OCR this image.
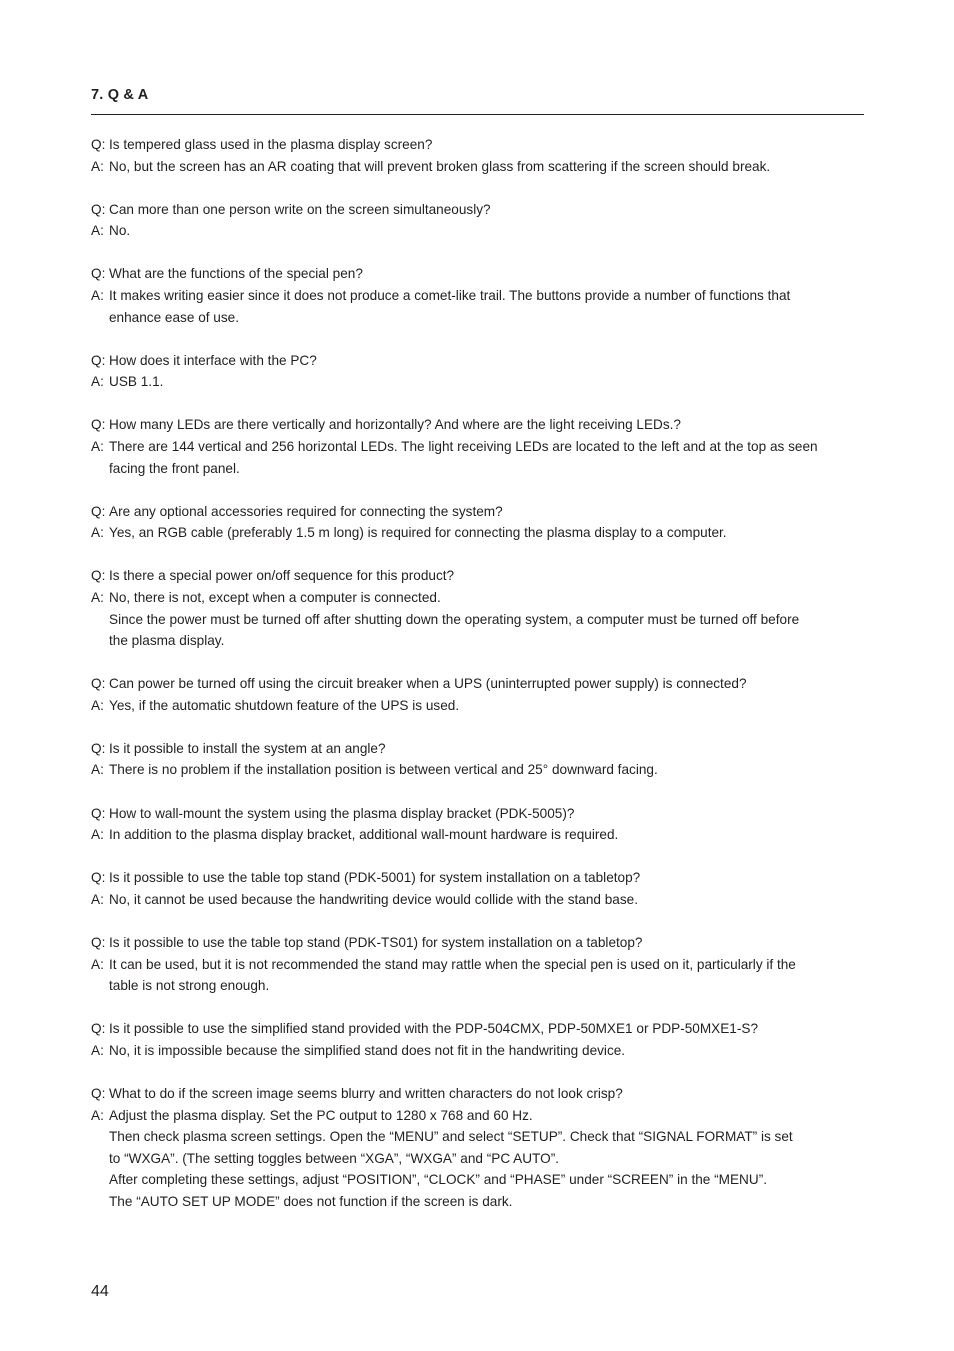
7. Q & A
Q: Is tempered glass used in the plasma display screen?
A: No, but the screen has an AR coating that will prevent broken glass from scattering if the screen should break.
Q: Can more than one person write on the screen simultaneously?
A: No.
Q: What are the functions of the special pen?
A: It makes writing easier since it does not produce a comet-like trail. The buttons provide a number of functions that
enhance ease of use.
Q: How does it interface with the PC?
A: USB 1.1.
Q: How many LEDs are there vertically and horizontally? And where are the light receiving LEDs.?
A: There are 144 vertical and 256 horizontal LEDs. The light receiving LEDs are located to the left and at the top as seen
facing the front panel.
Q: Are any optional accessories required for connecting the system?
A: Yes, an RGB cable (preferably 1.5 m long) is required for connecting the plasma display to a computer.
Q: Is there a special power on/off sequence for this product?
A: No, there is not, except when a computer is connected.
Since the power must be turned off after shutting down the operating system, a computer must be turned off before
the plasma display.
Q: Can power be turned off using the circuit breaker when a UPS (uninterrupted power supply) is connected?
A: Yes, if the automatic shutdown feature of the UPS is used.
Q: Is it possible to install the system at an angle?
A: There is no problem if the installation position is between vertical and 25° downward facing.
Q: How to wall-mount the system using the plasma display bracket (PDK-5005)?
A: In addition to the plasma display bracket, additional wall-mount hardware is required.
Q: Is it possible to use the table top stand (PDK-5001) for system installation on a tabletop?
A: No, it cannot be used because the handwriting device would collide with the stand base.
Q: Is it possible to use the table top stand (PDK-TS01) for system installation on a tabletop?
A: It can be used, but it is not recommended the stand may rattle when the special pen is used on it, particularly if the
table is not strong enough.
Q: Is it possible to use the simplified stand provided with the PDP-504CMX, PDP-50MXE1 or PDP-50MXE1-S?
A: No, it is impossible because the simplified stand does not fit in the handwriting device.
Q: What to do if the screen image seems blurry and written characters do not look crisp?
A: Adjust the plasma display. Set the PC output to 1280 x 768 and 60 Hz.
Then check plasma screen settings. Open the “MENU” and select “SETUP”. Check that “SIGNAL FORMAT” is set
to “WXGA”. (The setting toggles between “XGA”, “WXGA” and “PC AUTO”.
After completing these settings, adjust “POSITION”, “CLOCK” and “PHASE” under “SCREEN” in the “MENU”.
The “AUTO SET UP MODE” does not function if the screen is dark.
44
